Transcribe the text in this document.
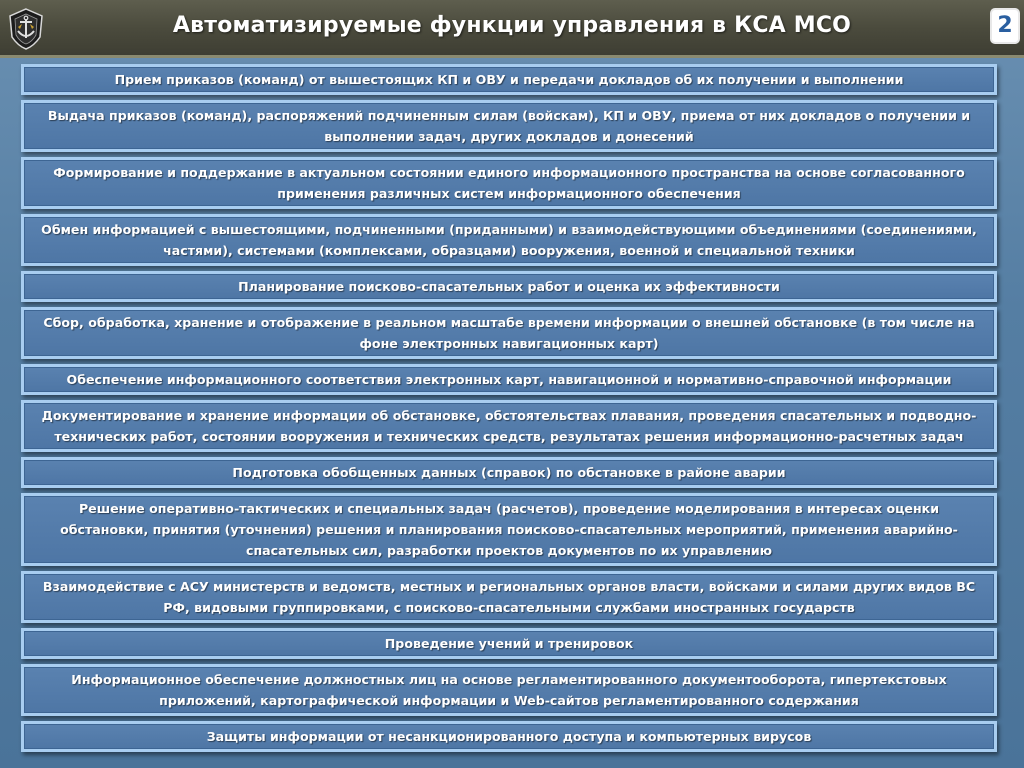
Автоматизируемые функции управления в КСА МСО	2
Прием приказов (команд) от вышестоящих КП и ОВУ и передачи докладов об их получении и выполнении
Выдача приказов (команд), распоряжений подчиненным силам (войскам), КП и ОВУ, приема от них докладов о получении и выполнении задач, других докладов и донесений
Формирование и поддержание в актуальном состоянии единого информационного пространства на основе согласованного применения различных систем информационного обеспечения
Обмен информацией с вышестоящими, подчиненными (приданными) и взаимодействующими объединениями (соединениями, частями), системами (комплексами, образцами) вооружения, военной и специальной техники
Планирование поисково-спасательных работ и оценка их эффективности
Сбор, обработка, хранение и отображение в реальном масштабе времени информации о внешней обстановке (в том числе на фоне электронных навигационных карт)
Обеспечение информационного соответствия электронных карт, навигационной и нормативно-справочной информации
Документирование и хранение информации об обстановке, обстоятельствах плавания, проведения спасательных и подводно-технических работ, состоянии вооружения и технических средств, результатах решения информационно-расчетных задач
Подготовка обобщенных данных (справок) по обстановке в районе аварии
Решение оперативно-тактических и специальных задач (расчетов), проведение моделирования в интересах оценки обстановки, принятия (уточнения) решения и планирования поисково-спасательных мероприятий, применения аварийно-спасательных сил, разработки проектов документов по их управлению
Взаимодействие с АСУ министерств и ведомств, местных и региональных органов власти, войсками и силами других видов ВС РФ, видовыми группировками, с поисково-спасательными службами иностранных государств
Проведение учений и тренировок
Информационное обеспечение должностных лиц на основе регламентированного документооборота, гипертекстовых приложений, картографической информации и Web-сайтов регламентированного содержания
Защиты информации от несанкционированного доступа и компьютерных вирусов
